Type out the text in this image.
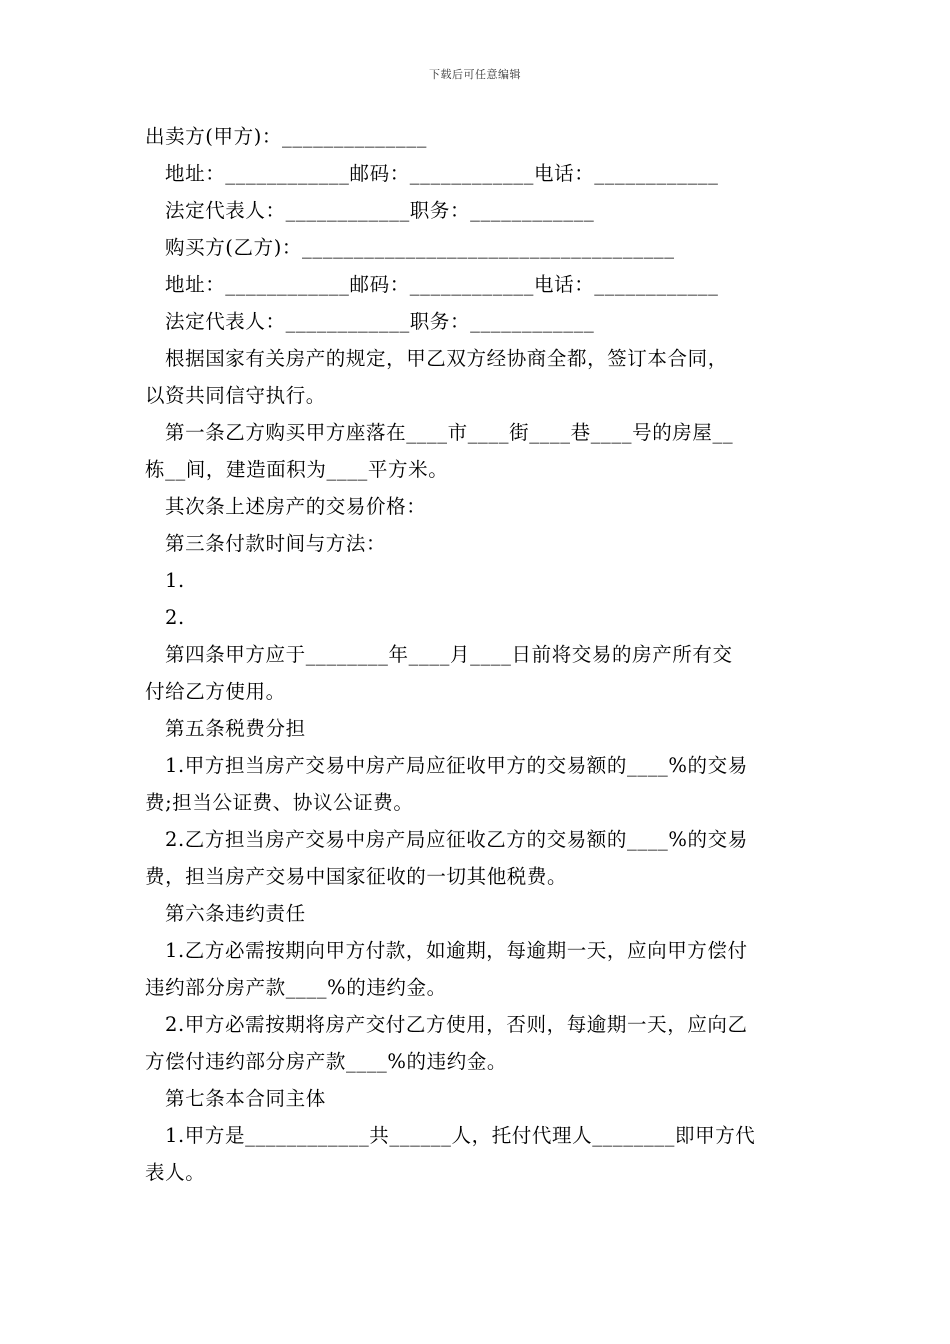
下载后可任意编辑
出卖方(甲方)：______________
地址：____________邮码：____________电话：____________
法定代表人：____________职务：____________
购买方(乙方)：____________________________________
地址：____________邮码：____________电话：____________
法定代表人：____________职务：____________
根据国家有关房产的规定，甲乙双方经协商全都，签订本合同，
以资共同信守执行。
第一条乙方购买甲方座落在____市____街____巷____号的房屋__
栋__间，建造面积为____平方米。
其次条上述房产的交易价格：
第三条付款时间与方法：
1.
2.
第四条甲方应于________年____月____日前将交易的房产所有交
付给乙方使用。
第五条税费分担
1.甲方担当房产交易中房产局应征收甲方的交易额的____%的交易
费;担当公证费、协议公证费。
2.乙方担当房产交易中房产局应征收乙方的交易额的____%的交易
费，担当房产交易中国家征收的一切其他税费。
第六条违约责任
1.乙方必需按期向甲方付款，如逾期，每逾期一天，应向甲方偿付
违约部分房产款____%的违约金。
2.甲方必需按期将房产交付乙方使用，否则，每逾期一天，应向乙
方偿付违约部分房产款____%的违约金。
第七条本合同主体
1.甲方是____________共______人，托付代理人________即甲方代
表人。
